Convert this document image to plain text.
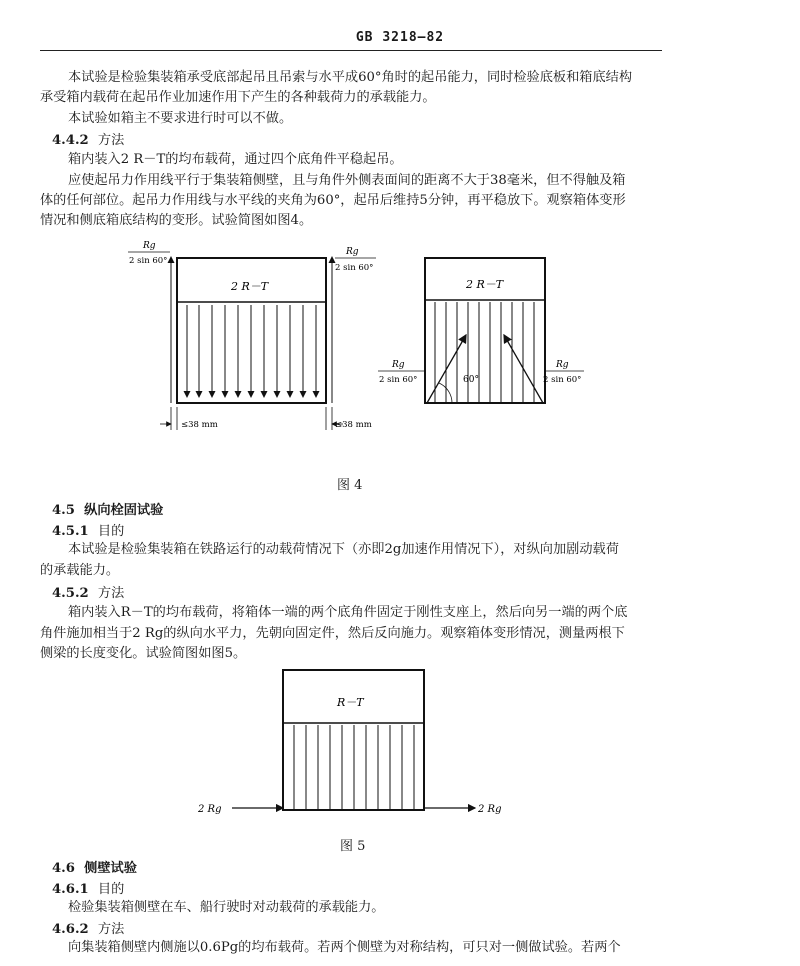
GB 3218—82
本试验是检验集装箱承受底部起吊且吊索与水平成60°角时的起吊能力，同时检验底板和箱底结构
承受箱内载荷在起吊作业加速作用下产生的各种载荷力的承载能力。
本试验如箱主不要求进行时可以不做。
4.4.2 方法
箱内装入2 R－T的均布载荷，通过四个底角件平稳起吊。
应使起吊力作用线平行于集装箱侧壁，且与角件外侧表面间的距离不大于38毫米，但不得触及箱
体的任何部位。起吊力作用线与水平线的夹角为60°，起吊后维持5分钟，再平稳放下。观察箱体变形
情况和侧底箱底结构的变形。试验简图如图4。
2 R－T
Rg
2 sin 60°
Rg
2 sin 60°
≤38 mm	≤38 mm
2 R－T
60°
Rg
2 sin 60°
Rg
2 sin 60°
图 4
4.5 纵向栓固试验
4.5.1 目的
本试验是检验集装箱在铁路运行的动载荷情况下（亦即2g加速作用情况下），对纵向加剧动载荷
的承载能力。
4.5.2 方法
箱内装入R－T的均布载荷，将箱体一端的两个底角件固定于刚性支座上，然后向另一端的两个底
角件施加相当于2 Rg的纵向水平力，先朝向固定件，然后反向施力。观察箱体变形情况，测量两根下
侧梁的长度变化。试验简图如图5。
R－T
2 Rg	2 Rg
图 5
4.6 侧壁试验
4.6.1 目的
检验集装箱侧壁在车、船行驶时对动载荷的承载能力。
4.6.2 方法
向集装箱侧壁内侧施以0.6Pg的均布载荷。若两个侧壁为对称结构，可只对一侧做试验。若两个
